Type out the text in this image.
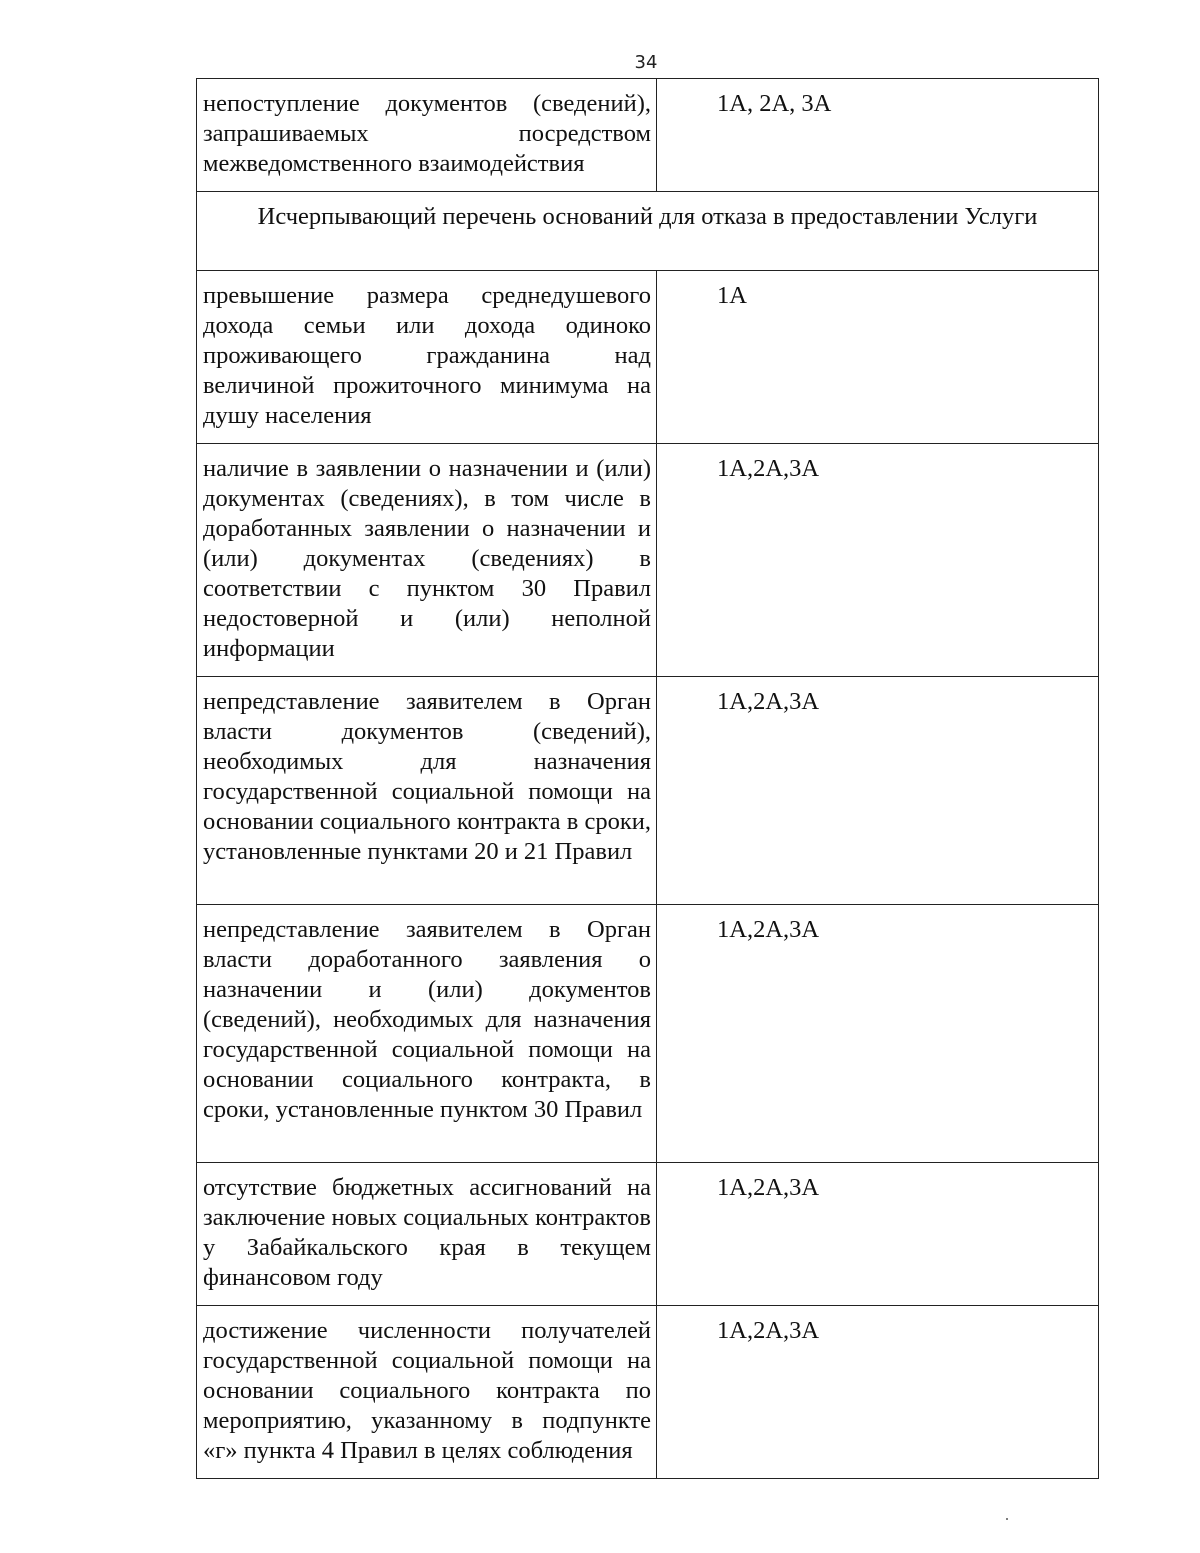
34
непоступление документов (сведений), запрашиваемых посредством межведомственного взаимодействия	1А, 2А, 3А
Исчерпывающий перечень оснований для отказа в предоставлении Услуги	
превышение размера среднедушевого дохода семьи или дохода одиноко проживающего гражданина над величиной прожиточного минимума на душу населения	1А
наличие в заявлении о назначении и (или) документах (сведениях), в том числе в доработанных заявлении о назначении и (или) документах (сведениях) в соответствии с пунктом 30 Правил недостоверной и (или) неполной информации	1А,2А,3А
непредставление заявителем в Орган власти документов (сведений), необходимых для назначения государственной социальной помощи на основании социального контракта в сроки, установленные пунктами 20 и 21 Правил	1А,2А,3А
непредставление заявителем в Орган власти доработанного заявления о назначении и (или) документов (сведений), необходимых для назначения государственной социальной помощи на основании социального контракта, в сроки, установленные пунктом 30 Правил	1А,2А,3А
отсутствие бюджетных ассигнований на заключение новых социальных контрактов у Забайкальского края в текущем финансовом году	1А,2А,3А
достижение численности получателей государственной социальной помощи на основании социального контракта по мероприятию, указанному в подпункте «г» пункта 4 Правил в целях соблюдения	1А,2А,3А
